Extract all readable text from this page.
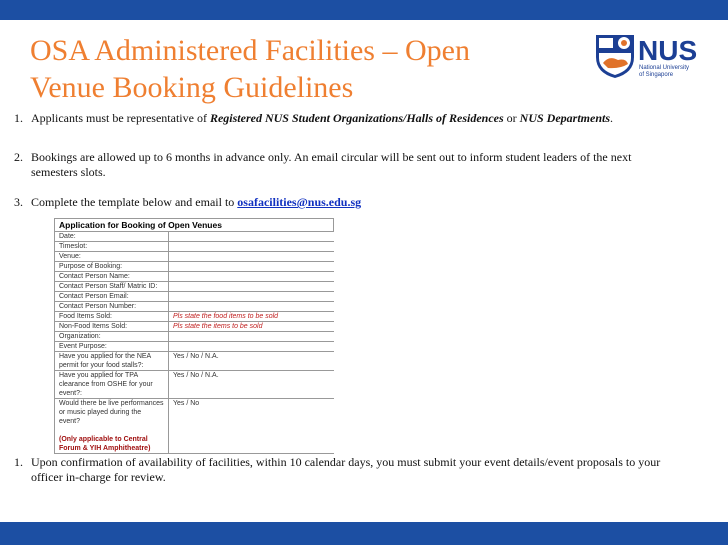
OSA Administered Facilities – Open
Venue Booking Guidelines
NUS
National University
of Singapore
1. Applicants must be representative of Registered NUS Student Organizations/Halls of Residences or NUS Departments.
2. Bookings are allowed up to 6 months in advance only. An email circular will be sent out to inform student leaders of the next
semesters slots.
3. Complete the template below and email to osafacilities@nus.edu.sg
Application for Booking of Open Venues	
Date:	
Timeslot:	
Venue:	
Purpose of Booking:	
Contact Person Name:	
Contact Person Staff/ Matric ID:	
Contact Person Email:	
Contact Person Number:	
Food Items Sold:	Pls state the food items to be sold
Non-Food Items Sold:	Pls state the items to be sold
Organization:	
Event Purpose:	
Have you applied for the NEA permit for your food stalls?:	Yes / No / N.A.
Have you applied for TPA clearance from OSHE for your event?:	Yes / No / N.A.
Would there be live performances or music played during the event?

(Only applicable to Central Forum & YIH Amphitheatre)	Yes / No
1. Upon confirmation of availability of facilities, within 10 calendar days, you must submit your event details/event proposals to your
officer in-charge for review.
